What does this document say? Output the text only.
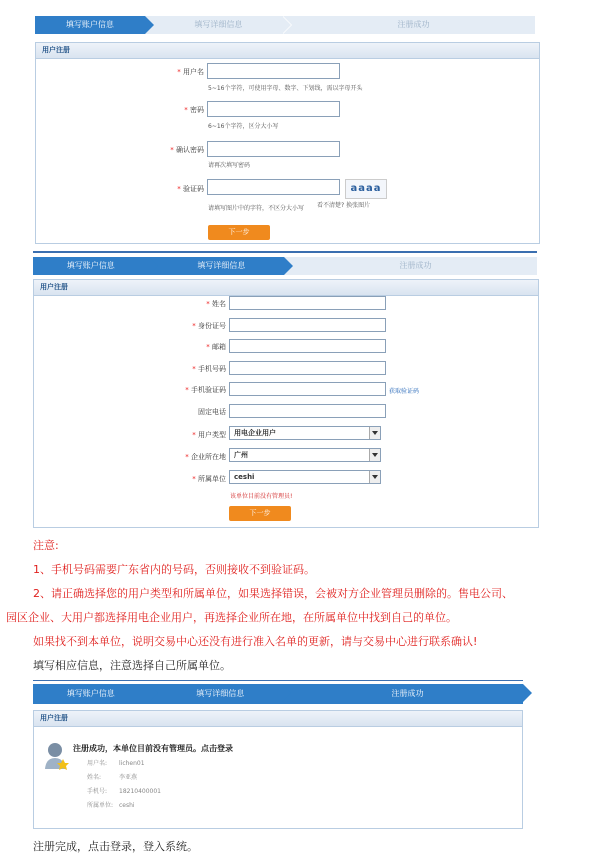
填写账户信息	填写详细信息	注册成功
用户注册
* 用户名
5~16个字符，可使用字母、数字、下划线，需以字母开头
* 密码
6~16个字符，区分大小写
* 确认密码
请再次填写密码
* 验证码	aaaa
请填写图片中的字符，不区分大小写 看不清楚? 换张图片
下一步
填写账户信息	填写详细信息	注册成功
用户注册
* 姓名
* 身份证号
* 邮箱
* 手机号码
* 手机验证码	获取验证码
固定电话
* 用户类型	用电企业用户
* 企业所在地	广州
* 所属单位	ceshi
该单位目前没有管理员!
下一步
注意:
1、手机号码需要广东省内的号码，否则接收不到验证码。
2、请正确选择您的用户类型和所属单位，如果选择错误，会被对方企业管理员删除的。售电公司、
园区企业、大用户都选择用电企业用户，再选择企业所在地，在所属单位中找到自己的单位。
如果找不到本单位，说明交易中心还没有进行准入名单的更新，请与交易中心进行联系确认!
填写相应信息，注意选择自己所属单位。
填写账户信息	填写详细信息	注册成功
用户注册
注册成功，本单位目前没有管理员。点击登录
用户名: lichen01
姓名:	李亚燕
手机号: 18210400001
所属单位: ceshi
注册完成，点击登录，登入系统。
